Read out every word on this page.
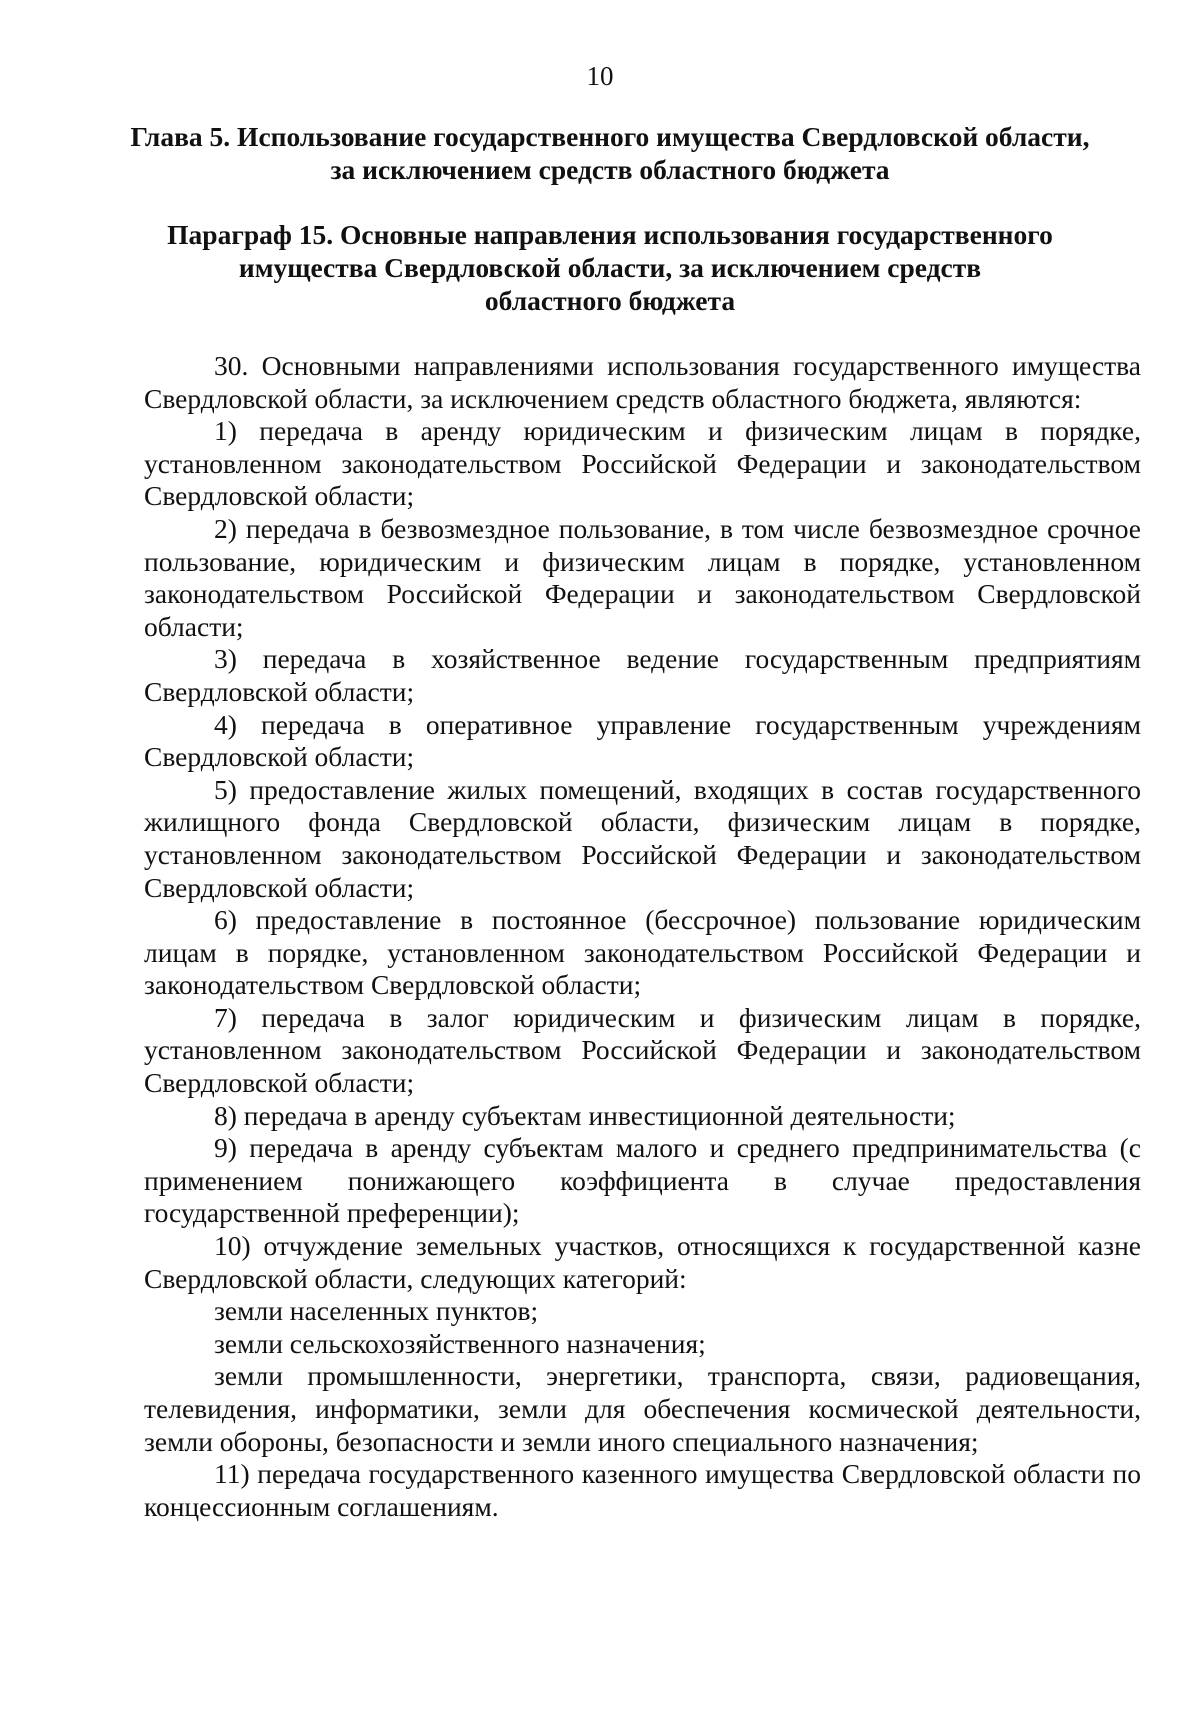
10
Глава 5. Использование государственного имущества Свердловской области,
за исключением средств областного бюджета
Параграф 15. Основные направления использования государственного
имущества Свердловской области, за исключением средств
областного бюджета

30. Основными направлениями использования государственного имущества Свердловской области, за исключением средств областного бюджета, являются:

1) передача в аренду юридическим и физическим лицам в порядке, установленном законодательством Российской Федерации и законодательством Свердловской области;

2) передача в безвозмездное пользование, в том числе безвозмездное срочное пользование, юридическим и физическим лицам в порядке, установленном законодательством Российской Федерации и законодательством Свердловской области;

3) передача в хозяйственное ведение государственным предприятиям Свердловской области;

4) передача в оперативное управление государственным учреждениям Свердловской области;

5) предоставление жилых помещений, входящих в состав государственного жилищного фонда Свердловской области, физическим лицам в порядке, установленном законодательством Российской Федерации и законодательством Свердловской области;

6) предоставление в постоянное (бессрочное) пользование юридическим лицам в порядке, установленном законодательством Российской Федерации и законодательством Свердловской области;

7) передача в залог юридическим и физическим лицам в порядке, установленном законодательством Российской Федерации и законодательством Свердловской области;

8) передача в аренду субъектам инвестиционной деятельности;

9) передача в аренду субъектам малого и среднего предпринимательства (с применением понижающего коэффициента в случае предоставления государственной преференции);

10) отчуждение земельных участков, относящихся к государственной казне Свердловской области, следующих категорий:

земли населенных пунктов;

земли сельскохозяйственного назначения;

земли промышленности, энергетики, транспорта, связи, радиовещания, телевидения, информатики, земли для обеспечения космической деятельности, земли обороны, безопасности и земли иного специального назначения;

11) передача государственного казенного имущества Свердловской области по концессионным соглашениям.
